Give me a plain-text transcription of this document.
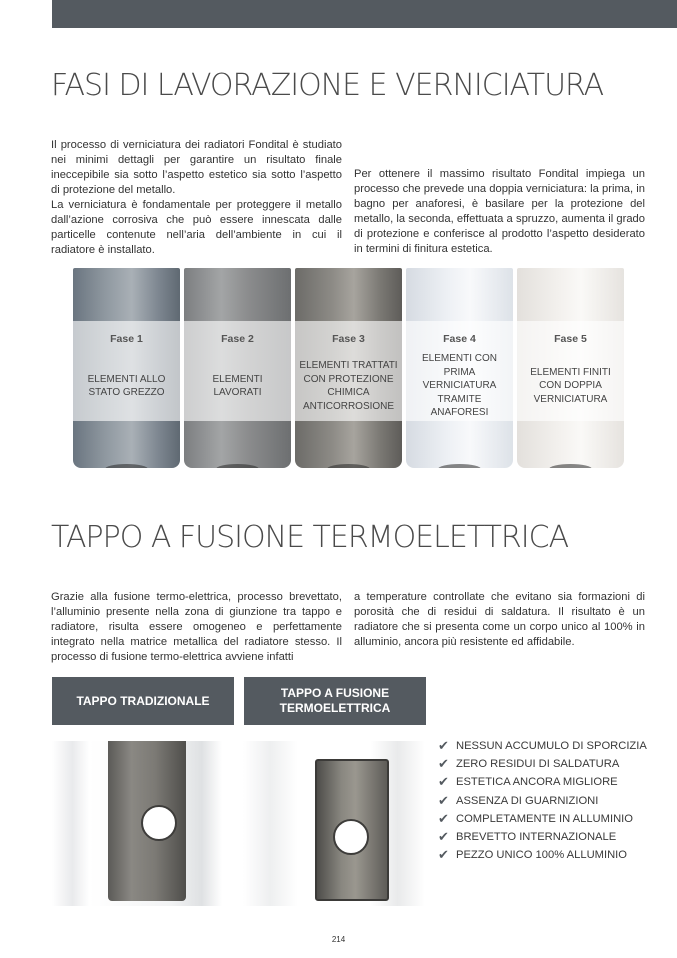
FASI DI LAVORAZIONE E VERNICIATURA
Il processo di verniciatura dei radiatori Fondital è studiato nei minimi dettagli per garantire un risultato finale ineccepibile sia sotto l’aspetto estetico sia sotto l’aspetto di protezione del metallo.
La verniciatura è fondamentale per proteggere il metallo dall’azione corrosiva che può essere innescata dalle particelle contenute nell’aria dell’ambiente in cui il radiatore è installato.
Per ottenere il massimo risultato Fondital impiega un processo che prevede una doppia verniciatura: la prima, in bagno per anaforesi, è basilare per la protezione del metallo, la seconda, effettuata a spruzzo, aumenta il grado di protezione e conferisce al prodotto l’aspetto desiderato in termini di finitura estetica.
Fase 1
ELEMENTI ALLO STATO GREZZO
Fase 2
ELEMENTI LAVORATI
Fase 3
ELEMENTI TRATTATI CON PROTEZIONE CHIMICA ANTICORROSIONE
Fase 4
ELEMENTI CON PRIMA VERNICIATURA TRAMITE ANAFORESI
Fase 5
ELEMENTI FINITI CON DOPPIA VERNICIATURA
TAPPO A FUSIONE TERMOELETTRICA
Grazie alla fusione termo-elettrica, processo brevettato, l’alluminio presente nella zona di giunzione tra tappo e radiatore, risulta essere omogeneo e perfettamente integrato nella matrice metallica del radiatore stesso. Il processo di fusione termo-elettrica avviene infatti
a temperature controllate che evitano sia formazioni di porosità che di residui di saldatura. Il risultato è un radiatore che si presenta come un corpo unico al 100% in alluminio, ancora più resistente ed affidabile.
TAPPO TRADIZIONALE
TAPPO A FUSIONE TERMOELETTRICA
✔ NESSUN ACCUMULO DI SPORCIZIA
✔ ZERO RESIDUI DI SALDATURA
✔ ESTETICA ANCORA MIGLIORE
✔ ASSENZA DI GUARNIZIONI
✔ COMPLETAMENTE IN ALLUMINIO
✔ BREVETTO INTERNAZIONALE
✔ PEZZO UNICO 100% ALLUMINIO
214
